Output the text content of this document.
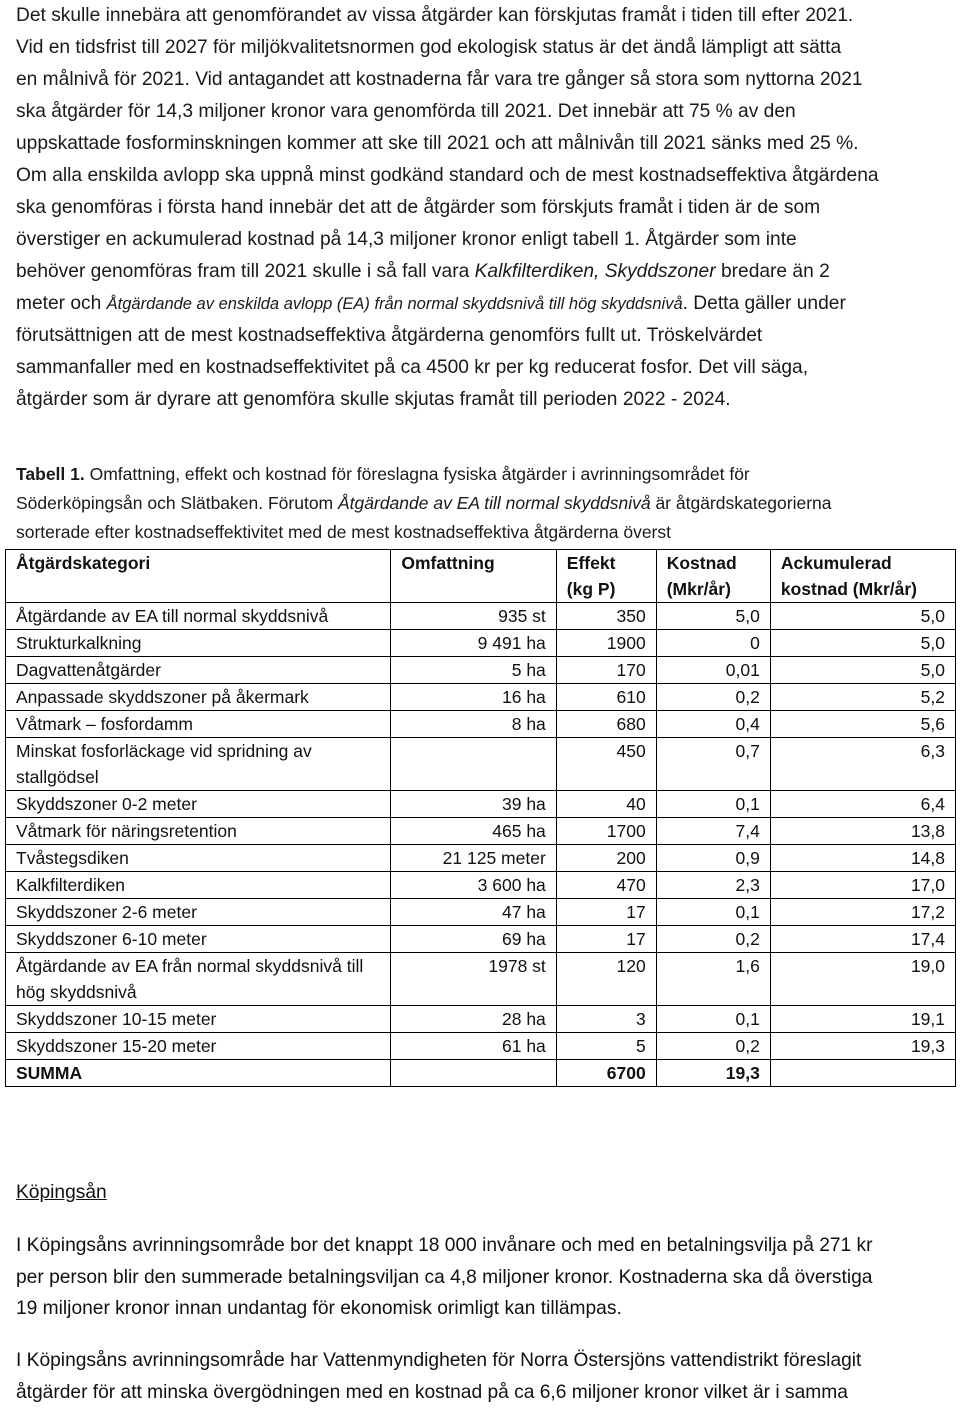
Det skulle innebära att genomförandet av vissa åtgärder kan förskjutas framåt i tiden till efter 2021.
Vid en tidsfrist till 2027 för miljökvalitetsnormen god ekologisk status är det ändå lämpligt att sätta
en målnivå för 2021. Vid antagandet att kostnaderna får vara tre gånger så stora som nyttorna 2021
ska åtgärder för 14,3 miljoner kronor vara genomförda till 2021. Det innebär att 75 % av den
uppskattade fosforminskningen kommer att ske till 2021 och att målnivån till 2021 sänks med 25 %.
Om alla enskilda avlopp ska uppnå minst godkänd standard och de mest kostnadseffektiva åtgärdena
ska genomföras i första hand innebär det att de åtgärder som förskjuts framåt i tiden är de som
överstiger en ackumulerad kostnad på 14,3 miljoner kronor enligt tabell 1. Åtgärder som inte
behöver genomföras fram till 2021 skulle i så fall vara Kalkfilterdiken, Skyddszoner bredare än 2
meter och Åtgärdande av enskilda avlopp (EA) från normal skyddsnivå till hög skyddsnivå. Detta gäller under
förutsättnigen att de mest kostnadseffektiva åtgärderna genomförs fullt ut. Tröskelvärdet
sammanfaller med en kostnadseffektivitet på ca 4500 kr per kg reducerat fosfor. Det vill säga,
åtgärder som är dyrare att genomföra skulle skjutas framåt till perioden 2022 - 2024.

Tabell 1. Omfattning, effekt och kostnad för föreslagna fysiska åtgärder i avrinningsområdet för
Söderköpingsån och Slätbaken. Förutom Åtgärdande av EA till normal skyddsnivå är åtgärdskategorierna
sorterade efter kostnadseffektivitet med de mest kostnadseffektiva åtgärderna överst

Åtgärdskategori	Omfattning	Effekt (kg P)	Kostnad (Mkr/år)	Ackumulerad kostnad (Mkr/år)
Åtgärdande av EA till normal skyddsnivå	935 st	350	5,0	5,0
Strukturkalkning	9 491 ha	1900	0	5,0
Dagvattenåtgärder	5 ha	170	0,01	5,0
Anpassade skyddszoner på åkermark	16 ha	610	0,2	5,2
Våtmark – fosfordamm	8 ha	680	0,4	5,6
Minskat fosforläckage vid spridning av stallgödsel		450	0,7	6,3
Skyddszoner 0-2 meter	39 ha	40	0,1	6,4
Våtmark för näringsretention	465 ha	1700	7,4	13,8
Tvåstegsdiken	21 125 meter	200	0,9	14,8
Kalkfilterdiken	3 600 ha	470	2,3	17,0
Skyddszoner 2-6 meter	47 ha	17	0,1	17,2
Skyddszoner 6-10 meter	69 ha	17	0,2	17,4
Åtgärdande av EA från normal skyddsnivå till hög skyddsnivå	1978 st	120	1,6	19,0
Skyddszoner 10-15 meter	28 ha	3	0,1	19,1
Skyddszoner 15-20 meter	61 ha	5	0,2	19,3
SUMMA		6700	19,3	

Köpingsån

I Köpingsåns avrinningsområde bor det knappt 18 000 invånare och med en betalningsvilja på 271 kr
per person blir den summerade betalningsviljan ca 4,8 miljoner kronor. Kostnaderna ska då överstiga
19 miljoner kronor innan undantag för ekonomisk orimligt kan tillämpas.

I Köpingsåns avrinningsområde har Vattenmyndigheten för Norra Östersjöns vattendistrikt föreslagit
åtgärder för att minska övergödningen med en kostnad på ca 6,6 miljoner kronor vilket är i samma
